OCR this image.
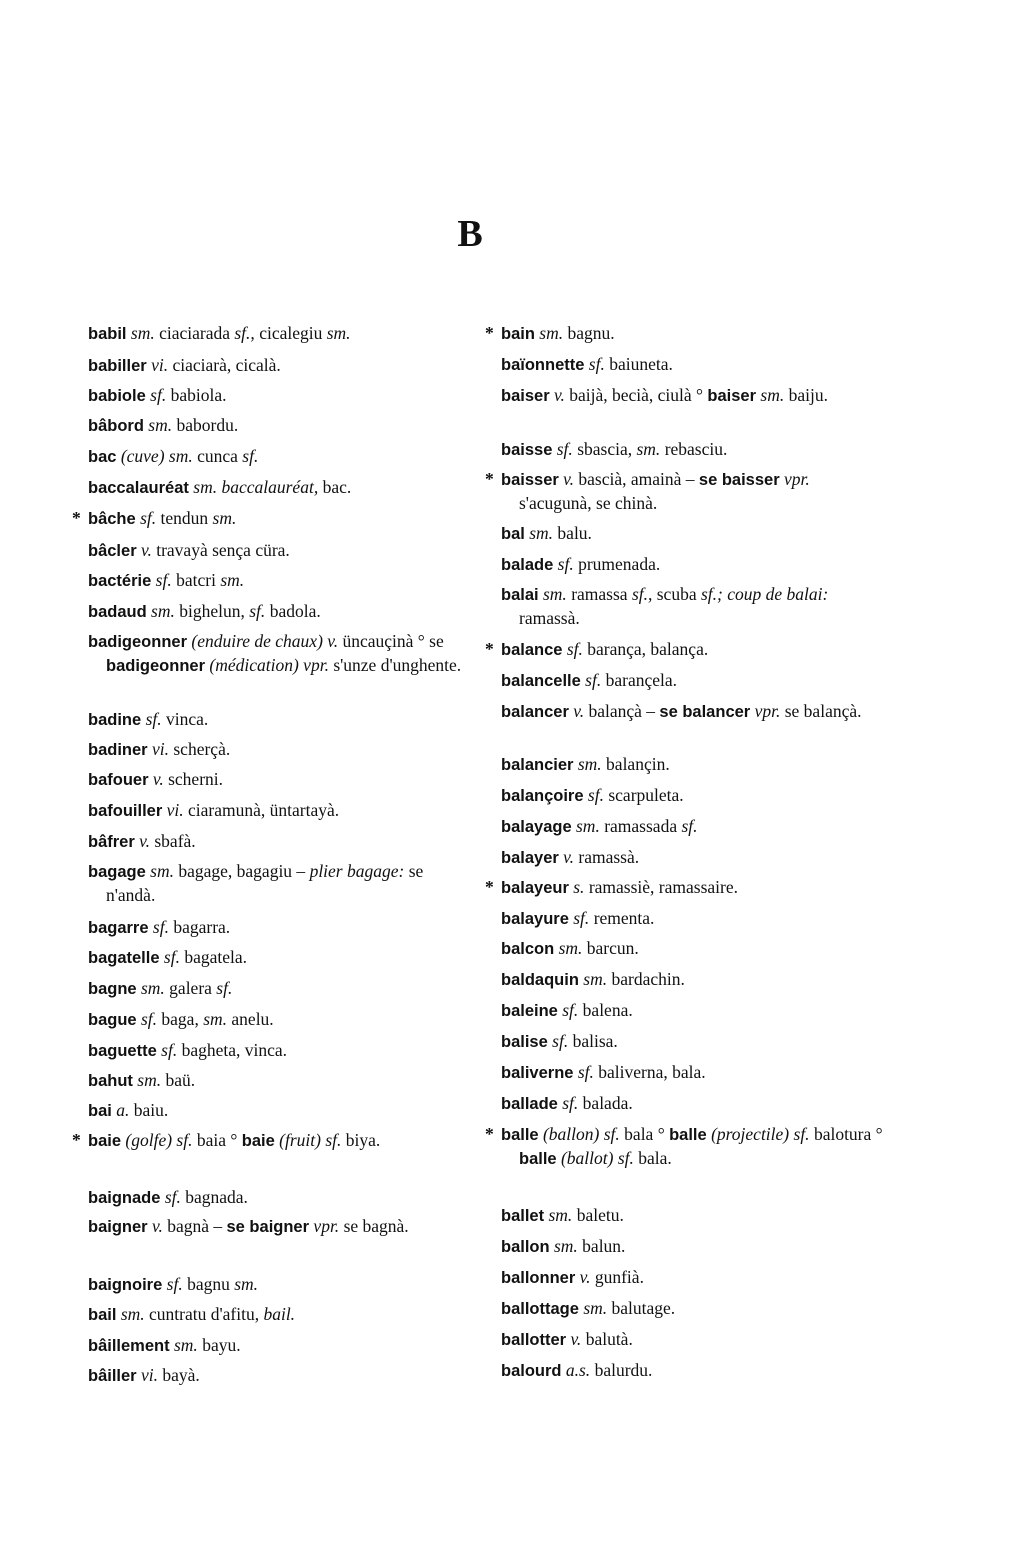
B
babil sm. ciaciarada sf., cicalegiu sm.
babiller vi. ciaciarà, cicalà.
babiole sf. babiola.
bâbord sm. babordu.
bac (cuve) sm. cunca sf.
baccalauréat sm. baccalauréat, bac.
* bâche sf. tendun sm.
bâcler v. travayà sença cüra.
bactérie sf. batcri sm.
badaud sm. bighelun, sf. badola.
badigeonner (enduire de chaux) v. üncauçinà ° se badigeonner (médication) vpr. s'unze d'unghente.
badine sf. vinca.
badiner vi. scherçà.
bafouer v. scherni.
bafouiller vi. ciaramunà, üntartayà.
bâfrer v. sbafà.
bagage sm. bagage, bagagiu – plier bagage: se n'andà.
bagarre sf. bagarra.
bagatelle sf. bagatela.
bagne sm. galera sf.
bague sf. baga, sm. anelu.
baguette sf. bagheta, vinca.
bahut sm. baü.
bai a. baiu.
* baie (golfe) sf. baia ° baie (fruit) sf. biya.
baignade sf. bagnada.
baigner v. bagnà – se baigner vpr. se bagnà.
baignoire sf. bagnu sm.
bail sm. cuntratu d'afitu, bail.
bâillement sm. bayu.
bâiller vi. bayà.
* bain sm. bagnu.
baïonnette sf. baiuneta.
baiser v. baijà, becià, ciulà ° baiser sm. baiju.
baisse sf. sbascia, sm. rebasciu.
* baisser v. bascià, amainà – se baisser vpr. s'acugunà, se chinà.
bal sm. balu.
balade sf. prumenada.
balai sm. ramassa sf., scuba sf.; coup de balai: ramassà.
* balance sf. barança, balança.
balancelle sf. barançela.
balancer v. balançà – se balancer vpr. se balançà.
balancier sm. balançin.
balançoire sf. scarpuleta.
balayage sm. ramassada sf.
balayer v. ramassà.
* balayeur s. ramassiè, ramassaire.
balayure sf. rementa.
balcon sm. barcun.
baldaquin sm. bardachin.
baleine sf. balena.
balise sf. balisa.
baliverne sf. baliverna, bala.
ballade sf. balada.
* balle (ballon) sf. bala ° balle (projectile) sf. balotura ° balle (ballot) sf. bala.
ballet sm. baletu.
ballon sm. balun.
ballonner v. gunfià.
ballottage sm. balutage.
ballotter v. balutà.
balourd a.s. balurdu.
